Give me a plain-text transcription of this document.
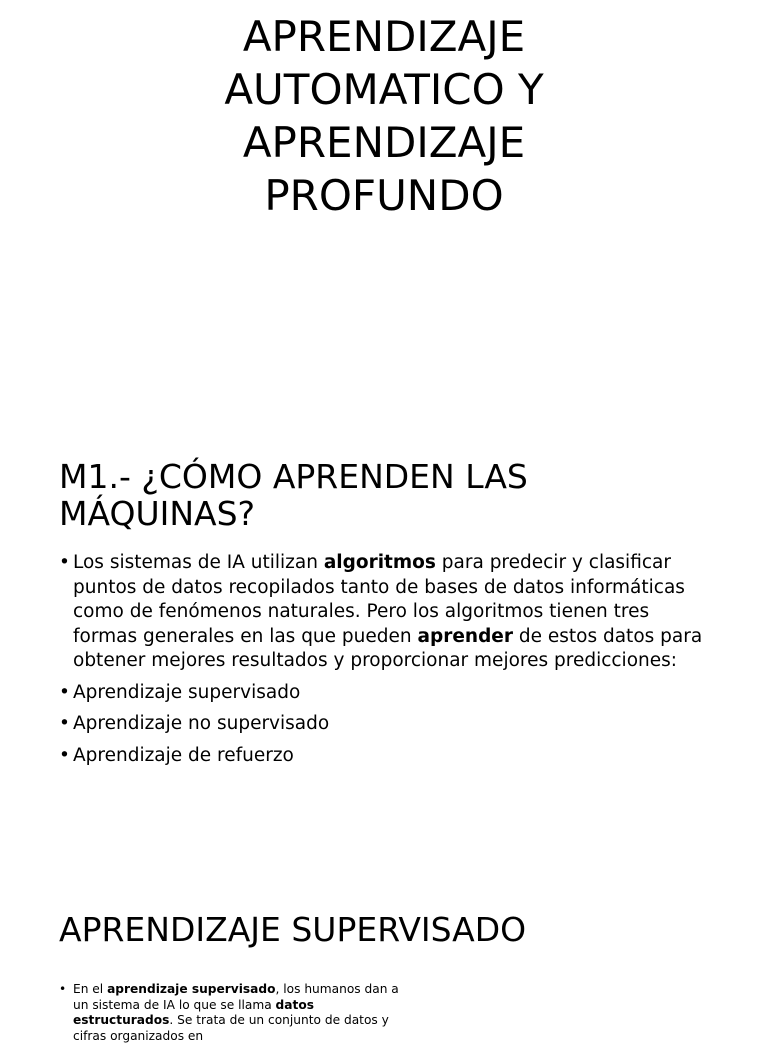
APRENDIZAJE
AUTOMATICO Y
APRENDIZAJE
PROFUNDO
M1.- ¿CÓMO APRENDEN LAS MÁQUINAS?
• Los sistemas de IA utilizan algoritmos para predecir y clasificar puntos de datos recopilados tanto de bases de datos informáticas como de fenómenos naturales. Pero los algoritmos tienen tres formas generales en las que pueden aprender de estos datos para obtener mejores resultados y proporcionar mejores predicciones:
• Aprendizaje supervisado
• Aprendizaje no supervisado
• Aprendizaje de refuerzo
APRENDIZAJE SUPERVISADO
• En el aprendizaje supervisado, los humanos dan a un sistema de IA lo que se llama datos estructurados. Se trata de un conjunto de datos y cifras organizados en
